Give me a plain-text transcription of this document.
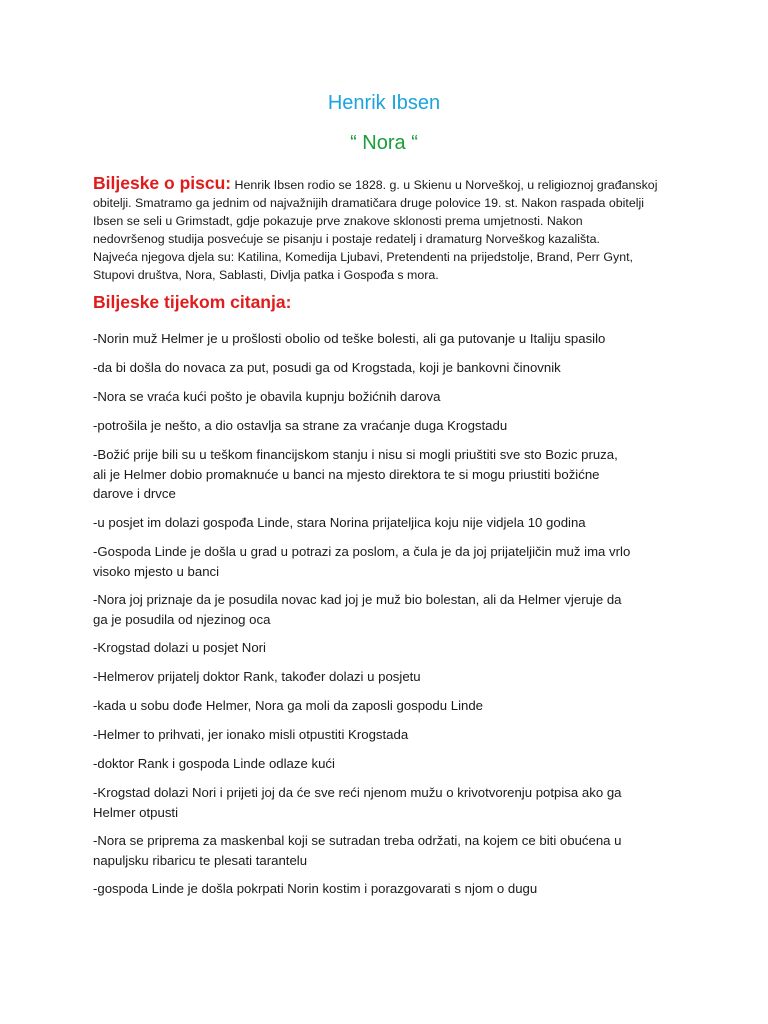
Henrik Ibsen
“ Nora “
Biljeske o piscu: Henrik Ibsen rodio se 1828. g. u Skienu u Norveškoj, u religioznoj građanskoj
obitelji. Smatramo ga jednim od najvažnijih dramatičara druge polovice 19. st. Nakon raspada obitelji
Ibsen se seli u Grimstadt, gdje pokazuje prve znakove sklonosti prema umjetnosti. Nakon
nedovršenog studija posvećuje se pisanju i postaje redatelj i dramaturg Norveškog kazališta.
Najveća njegova djela su: Katilina, Komedija Ljubavi, Pretendenti na prijedstolje, Brand, Perr Gynt,
Stupovi društva, Nora, Sablasti, Divlja patka i Gospođa s mora.
Biljeske tijekom citanja:
-Norin muž Helmer je u prošlosti obolio od teške bolesti, ali ga putovanje u Italiju spasilo
-da bi došla do novaca za put, posudi ga od Krogstada, koji je bankovni činovnik
-Nora se vraća kući pošto je obavila kupnju božićnih darova
-potrošila je nešto, a dio ostavlja sa strane za vraćanje duga Krogstadu
-Božić prije bili su u teškom financijskom stanju i nisu si mogli priuštiti sve sto Bozic pruza,
ali je Helmer dobio promaknuće u banci na mjesto direktora te si mogu priustiti božićne
darove i drvce
-u posjet im dolazi gospođa Linde, stara Norina prijateljica koju nije vidjela 10 godina
-Gospoda Linde je došla u grad u potrazi za poslom, a čula je da joj prijateljičin muž ima vrlo
visoko mjesto u banci
-Nora joj priznaje da je posudila novac kad joj je muž bio bolestan, ali da Helmer vjeruje da
ga je posudila od njezinog oca
-Krogstad dolazi u posjet Nori
-Helmerov prijatelj doktor Rank, također dolazi u posjetu
-kada u sobu dođe Helmer, Nora ga moli da zaposli gospodu Linde
-Helmer to prihvati, jer ionako misli otpustiti Krogstada
-doktor Rank i gospoda Linde odlaze kući
-Krogstad dolazi Nori i prijeti joj da će sve reći njenom mužu o krivotvorenju potpisa ako ga
Helmer otpusti
-Nora se priprema za maskenbal koji se sutradan treba održati, na kojem ce biti obućena u
napuljsku ribaricu te plesati tarantelu
-gospoda Linde je došla pokrpati Norin kostim i porazgovarati s njom o dugu
